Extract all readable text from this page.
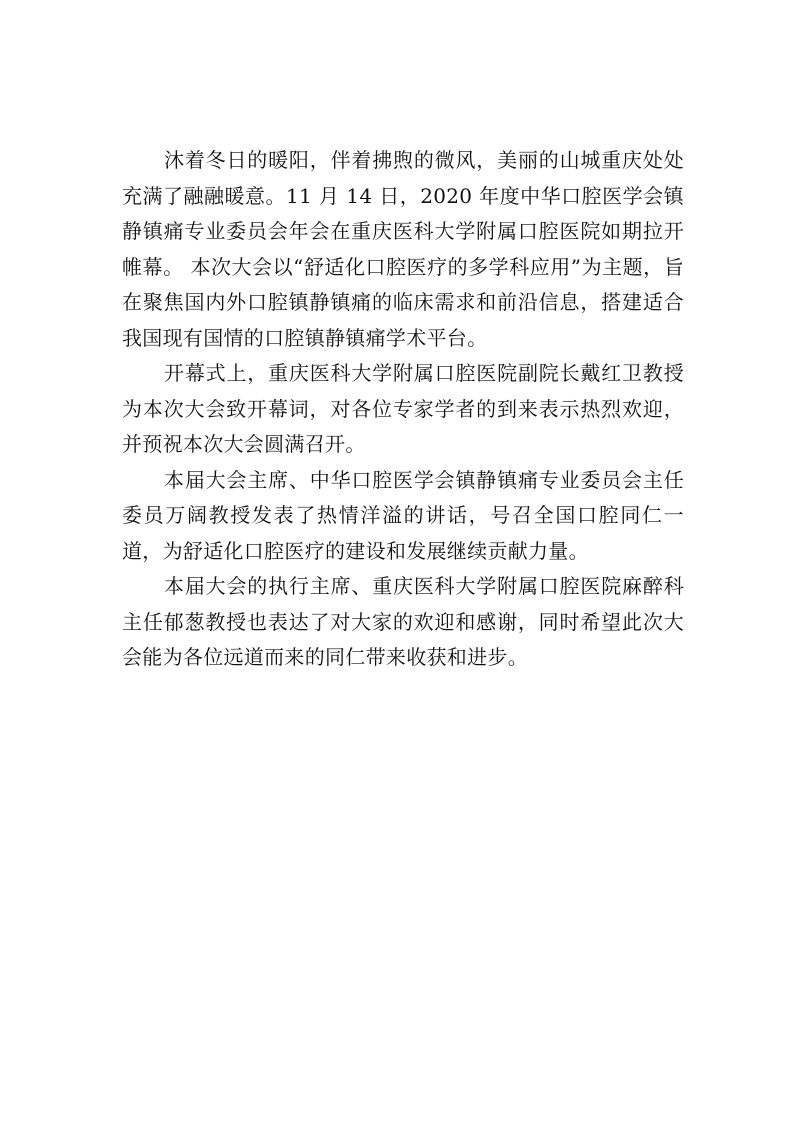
沐着冬日的暖阳，伴着拂煦的微风，美丽的山城重庆处处充满了融融暖意。11 月 14 日，2020 年度中华口腔医学会镇静镇痛专业委员会年会在重庆医科大学附属口腔医院如期拉开帷幕。 本次大会以“舒适化口腔医疗的多学科应用”为主题，旨在聚焦国内外口腔镇静镇痛的临床需求和前沿信息，搭建适合我国现有国情的口腔镇静镇痛学术平台。

开幕式上，重庆医科大学附属口腔医院副院长戴红卫教授为本次大会致开幕词，对各位专家学者的到来表示热烈欢迎，并预祝本次大会圆满召开。

本届大会主席、中华口腔医学会镇静镇痛专业委员会主任委员万阔教授发表了热情洋溢的讲话，号召全国口腔同仁一道，为舒适化口腔医疗的建设和发展继续贡献力量。

本届大会的执行主席、重庆医科大学附属口腔医院麻醉科主任郁葱教授也表达了对大家的欢迎和感谢，同时希望此次大会能为各位远道而来的同仁带来收获和进步。
